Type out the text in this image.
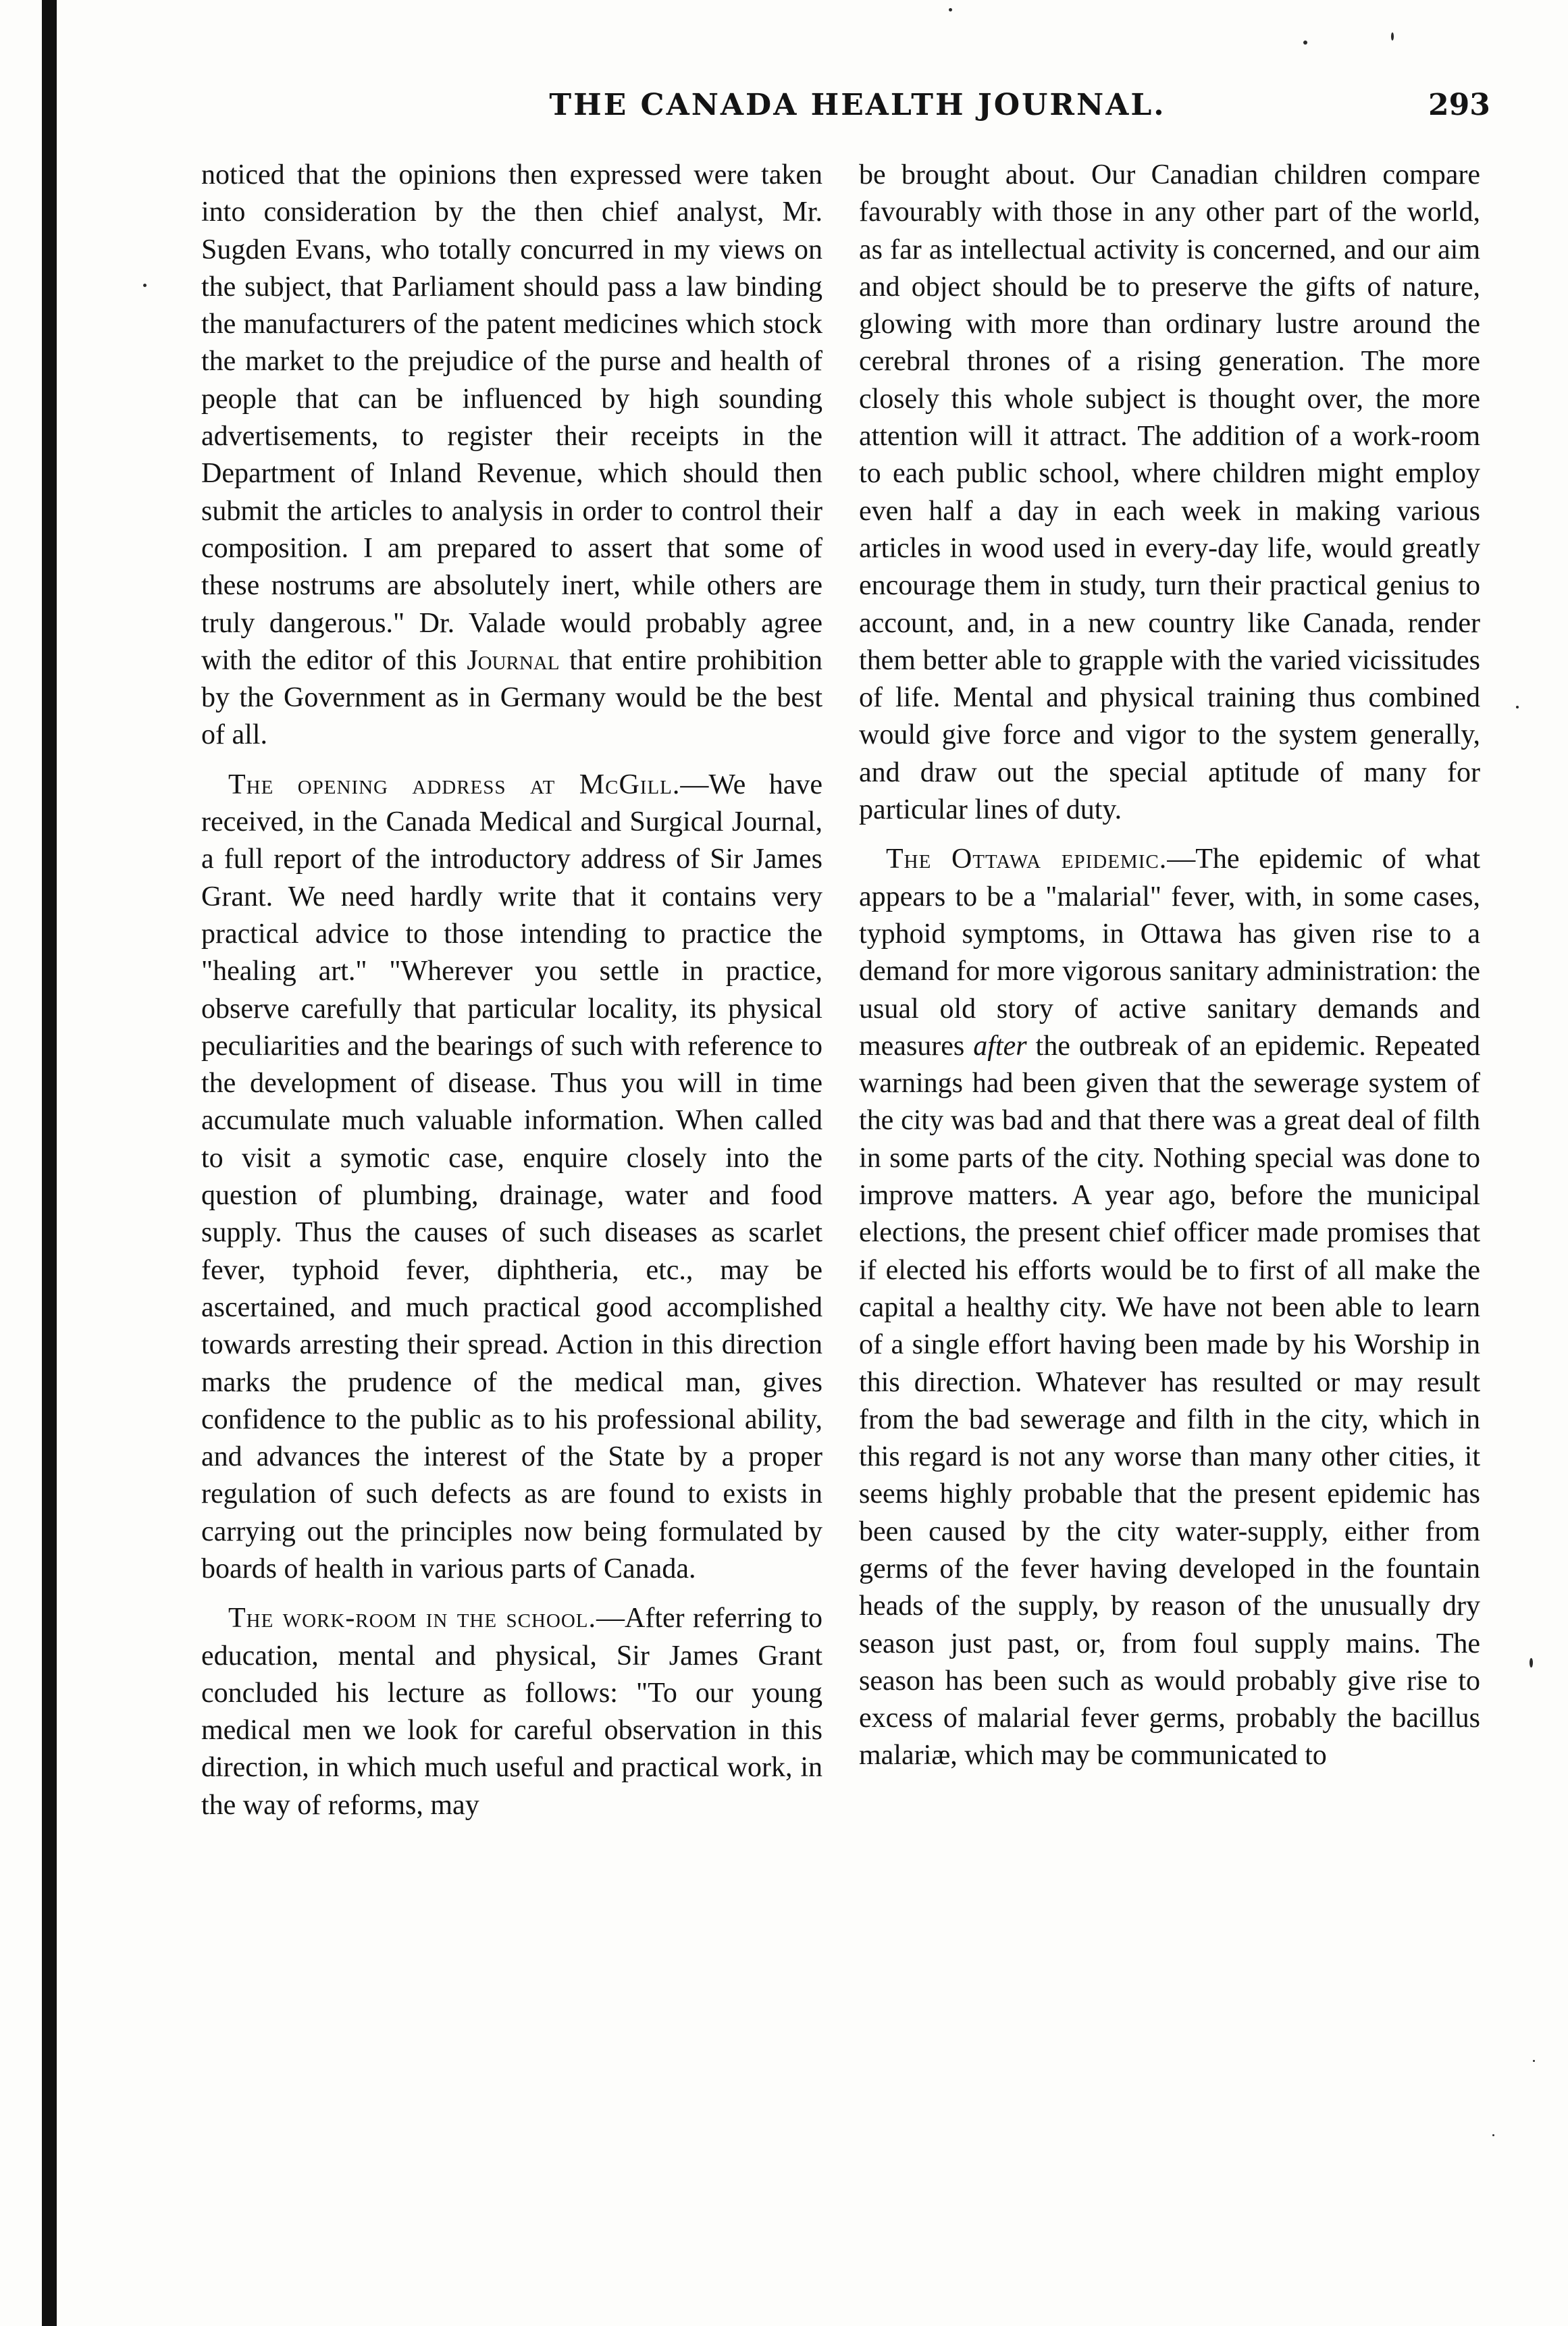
THE CANADA HEALTH JOURNAL.	293

noticed that the opinions then expressed were taken into consideration by the then chief analyst, Mr. Sugden Evans, who totally concurred in my views on the subject, that Parliament should pass a law binding the manufacturers of the patent medicines which stock the market to the prejudice of the purse and health of people that can be influenced by high sounding advertisements, to register their receipts in the Department of Inland Revenue, which should then submit the articles to analysis in order to control their composition. I am prepared to assert that some of these nostrums are absolutely inert, while others are truly dangerous." Dr. Valade would probably agree with the editor of this Journal that entire prohibition by the Government as in Germany would be the best of all.

The opening address at McGill.—We have received, in the Canada Medical and Surgical Journal, a full report of the introductory address of Sir James Grant. We need hardly write that it contains very practical advice to those intending to practice the "healing art." "Wherever you settle in practice, observe carefully that particular locality, its physical peculiarities and the bearings of such with reference to the development of disease. Thus you will in time accumulate much valuable information. When called to visit a symotic case, enquire closely into the question of plumbing, drainage, water and food supply. Thus the causes of such diseases as scarlet fever, typhoid fever, diphtheria, etc., may be ascertained, and much practical good accomplished towards arresting their spread. Action in this direction marks the prudence of the medical man, gives confidence to the public as to his professional ability, and advances the interest of the State by a proper regulation of such defects as are found to exists in carrying out the principles now being formulated by boards of health in various parts of Canada.

The work-room in the school.—After referring to education, mental and physical, Sir James Grant concluded his lecture as follows: "To our young medical men we look for careful observation in this direction, in which much useful and practical work, in the way of reforms, may

be brought about. Our Canadian children compare favourably with those in any other part of the world, as far as intellectual activity is concerned, and our aim and object should be to preserve the gifts of nature, glowing with more than ordinary lustre around the cerebral thrones of a rising generation. The more closely this whole subject is thought over, the more attention will it attract. The addition of a work-room to each public school, where children might employ even half a day in each week in making various articles in wood used in every-day life, would greatly encourage them in study, turn their practical genius to account, and, in a new country like Canada, render them better able to grapple with the varied vicissitudes of life. Mental and physical training thus combined would give force and vigor to the system generally, and draw out the special aptitude of many for particular lines of duty.

The Ottawa epidemic.—The epidemic of what appears to be a "malarial" fever, with, in some cases, typhoid symptoms, in Ottawa has given rise to a demand for more vigorous sanitary administration: the usual old story of active sanitary demands and measures after the outbreak of an epidemic. Repeated warnings had been given that the sewerage system of the city was bad and that there was a great deal of filth in some parts of the city. Nothing special was done to improve matters. A year ago, before the municipal elections, the present chief officer made promises that if elected his efforts would be to first of all make the capital a healthy city. We have not been able to learn of a single effort having been made by his Worship in this direction. Whatever has resulted or may result from the bad sewerage and filth in the city, which in this regard is not any worse than many other cities, it seems highly probable that the present epidemic has been caused by the city water-supply, either from germs of the fever having developed in the fountain heads of the supply, by reason of the unusually dry season just past, or, from foul supply mains. The season has been such as would probably give rise to excess of malarial fever germs, probably the bacillus malariæ, which may be communicated to
